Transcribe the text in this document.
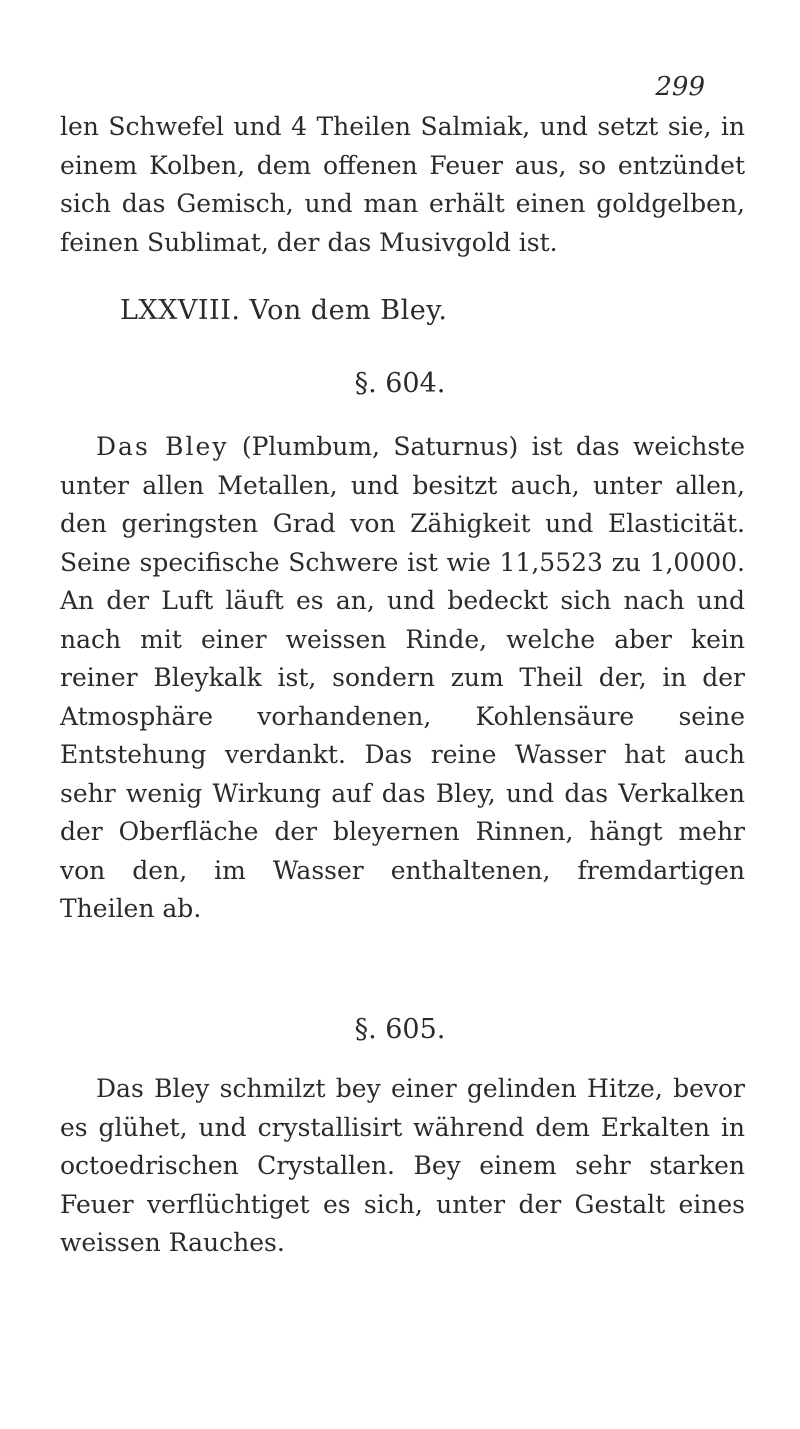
299

len Schwefel und 4 Theilen Salmiak, und setzt sie, in einem Kolben, dem offenen Feuer aus, so entzündet sich das Gemisch, und man erhält einen goldgelben, feinen Sublimat, der das Musivgold ist.

LXXVIII. Von dem Bley.
§. 604.

Das Bley (Plumbum, Saturnus) ist das weichste unter allen Metallen, und besitzt auch, unter allen, den geringsten Grad von Zähigkeit und Elasticität. Seine specifische Schwere ist wie 11,5523 zu 1,0000. An der Luft läuft es an, und bedeckt sich nach und nach mit einer weissen Rinde, welche aber kein reiner Bleykalk ist, sondern zum Theil der, in der Atmosphäre vorhandenen, Kohlensäure seine Entstehung verdankt. Das reine Wasser hat auch sehr wenig Wirkung auf das Bley, und das Verkalken der Oberfläche der bleyernen Rinnen, hängt mehr von den, im Wasser enthaltenen, fremdartigen Theilen ab.

§. 605.

Das Bley schmilzt bey einer gelinden Hitze, bevor es glühet, und crystallisirt während dem Erkalten in octoedrischen Crystallen. Bey einem sehr starken Feuer verflüchtiget es sich, unter der Gestalt eines weissen Rauches.
